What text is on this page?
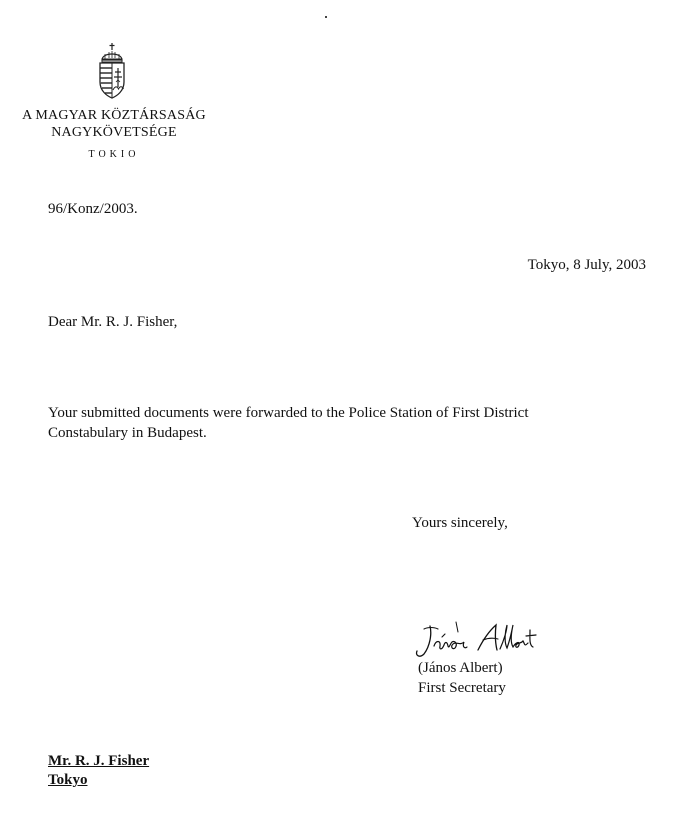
A MAGYAR KÖZTÁRSASÁG
NAGYKÖVETSÉGE
TOKIO
96/Konz/2003.
Tokyo, 8 July, 2003
Dear Mr. R. J. Fisher,
Your submitted documents were forwarded to the Police Station of First District Constabulary in Budapest.
Yours sincerely,
(János Albert)
First Secretary
Mr. R. J. Fisher
Tokyo
